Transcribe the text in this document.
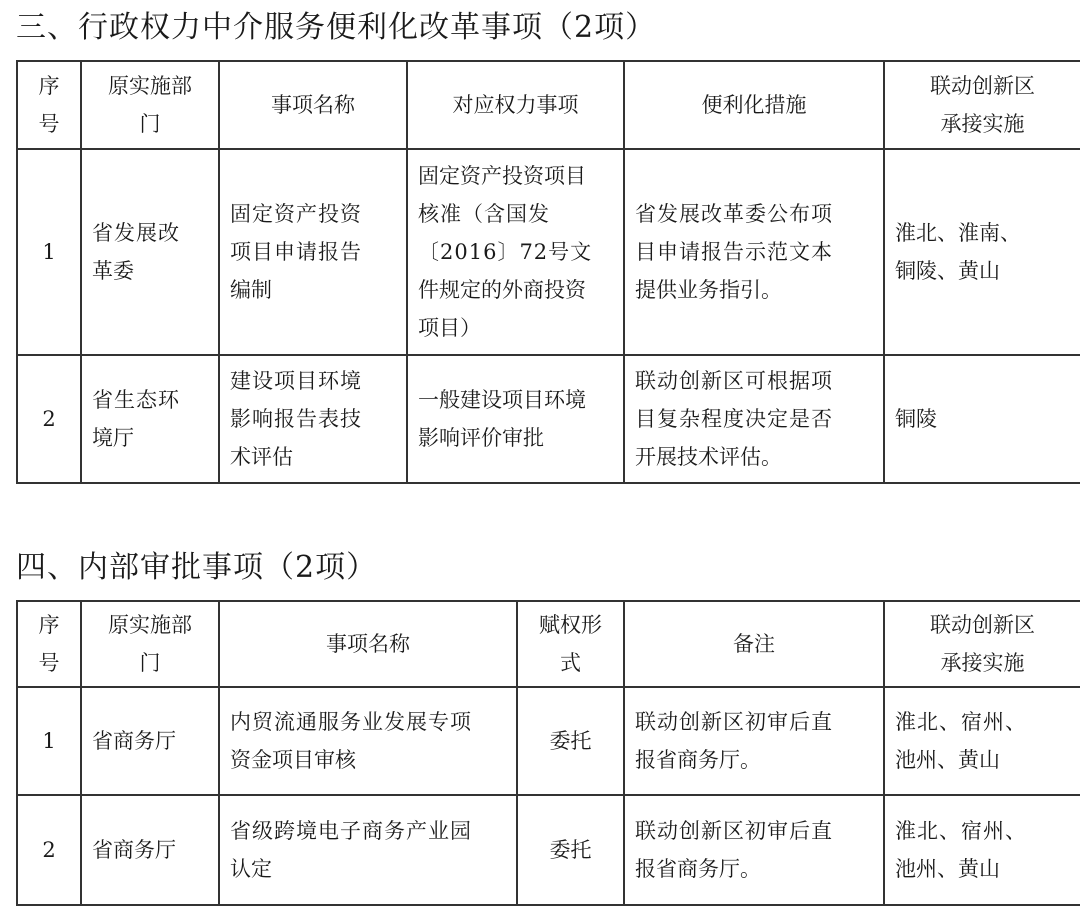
三、行政权力中介服务便利化改革事项（2项）
序
号	原实施部
门	事项名称	对应权力事项	便利化措施	联动创新区
承接实施

1	省发展改
革委	固定资产投资
项目申请报告
编制	固定资产投资项目
核准（含国发
〔2016〕72号文
件规定的外商投资
项目）	省发展改革委公布项
目申请报告示范文本
提供业务指引。	淮北、淮南、
铜陵、黄山

2	省生态环
境厅	建设项目环境
影响报告表技
术评估	一般建设项目环境
影响评价审批	联动创新区可根据项
目复杂程度决定是否
开展技术评估。	铜陵
四、内部审批事项（2项）
序
号	原实施部
门	事项名称	赋权形
式	备注	联动创新区
承接实施

1	省商务厅	内贸流通服务业发展专项
资金项目审核	委托	联动创新区初审后直
报省商务厅。	淮北、宿州、
池州、黄山

2	省商务厅	省级跨境电子商务产业园
认定	委托	联动创新区初审后直
报省商务厅。	淮北、宿州、
池州、黄山
